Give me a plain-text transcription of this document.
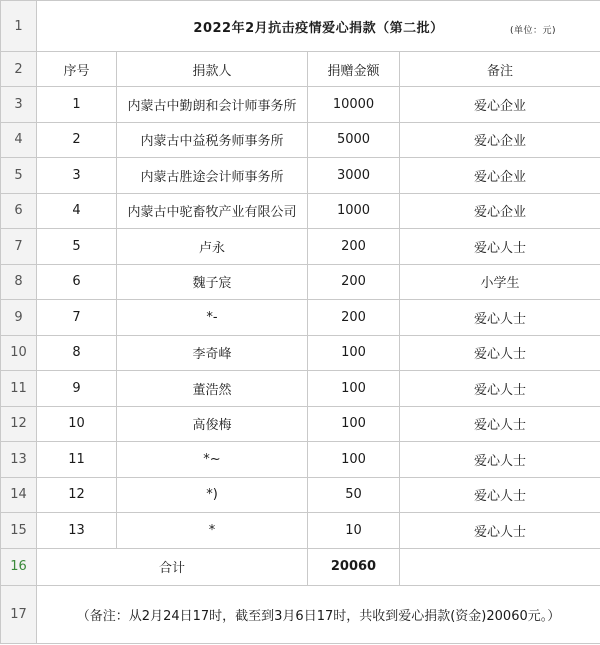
1	2022年2月抗击疫情爱心捐款（第二批） (单位：元)			

2	序号	捐款人	捐赠金额	备注
3	1	内蒙古中勤朗和会计师事务所	10000	爱心企业
4	2	内蒙古中益税务师事务所	5000	爱心企业
5	3	内蒙古胜途会计师事务所	3000	爱心企业
6	4	内蒙古中驼畜牧产业有限公司	1000	爱心企业
7	5	卢永	200	爱心人士
8	6	魏子宸	200	小学生
9	7	*-	200	爱心人士
10	8	李奇峰	100	爱心人士
11	9	董浩然	100	爱心人士
12	10	高俊梅	100	爱心人士
13	11	*~	100	爱心人士
14	12	*)	50	爱心人士
15	13	*	10	爱心人士
16	合计		20060	
17	（备注：从2月24日17时，截至到3月6日17时，共收到爱心捐款(资金)20060元。）			
